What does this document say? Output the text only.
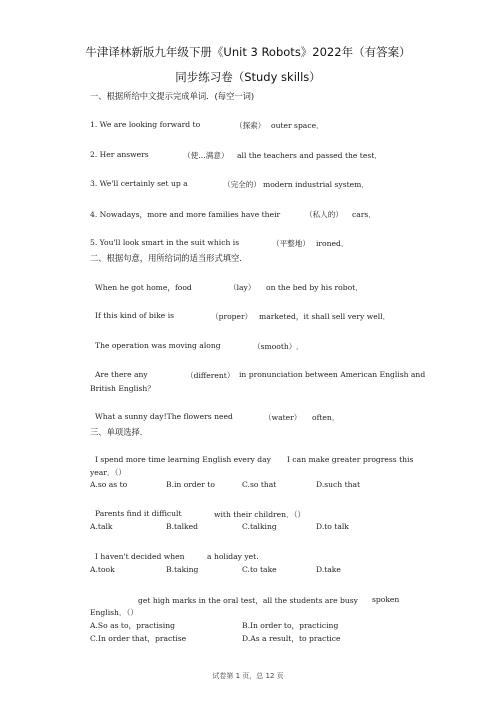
牛津译林新版九年级下册《Unit 3 Robots》2022年（有答案）
同步练习卷（Study skills）
一、根据所给中文提示完成单词．(每空一词)
1. We are looking forward to	（探索） outer space．
2. Her answers	（使…满意） all the teachers and passed the test．
3. We'll certainly set up a	（完全的） modern industrial system．
4. Nowadays，more and more families have their	（私人的） cars．
5. You'll look smart in the suit which is	（平整地） ironed．
二、根据句意，用所给词的适当形式填空．
When he got home，food	（lay） on the bed by his robot．
If this kind of bike is	（proper） marketed，it shall sell very well．
The operation was moving along	（smooth） ．
Are there any	（different） in pronunciation between American English and
British English？
What a sunny day!The flowers need	（water） often．
三、单项选择．
I spend more time learning English every day I can make greater progress this
year．（）
A.so as to	B.in order to	C.so that	D.such that
Parents find it difficult	with their children．（）
A.talk	B.talked	C.talking	D.to talk
I haven't decided when	a holiday yet.
A.took	B.taking	C.to take	D.take
get high marks in the oral test，all the students are busy spoken
English．（）
A.So as to，practising	B.In order to，practicing
C.In order that，practise	D.As a result，to practice
试卷第 1 页，总 12 页
